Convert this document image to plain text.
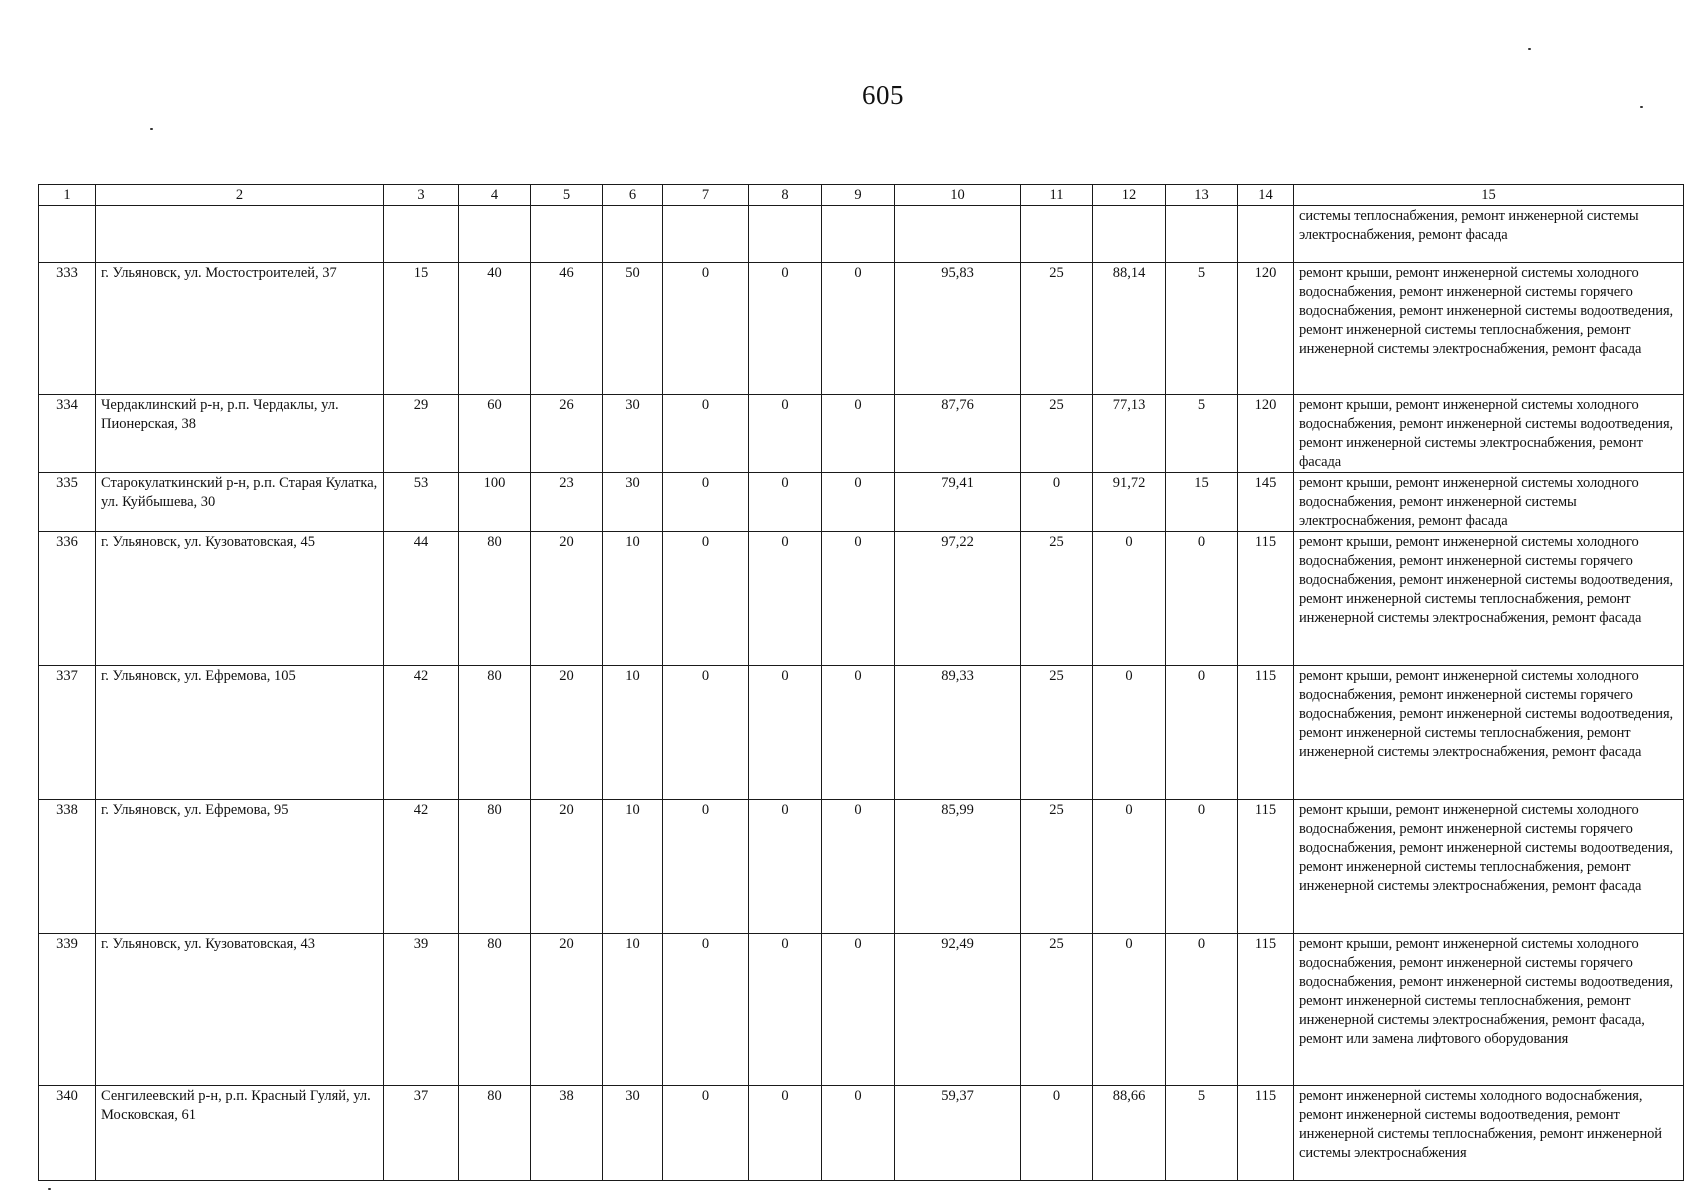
605
1	2	3	4	5	6	7	8	9	10	11	12	13	14	15
														системы теплоснабжения, ремонт инженерной системы электроснабжения, ремонт фасада
333	г. Ульяновск, ул. Мостостроителей, 37	15	40	46	50	0	0	0	95,83	25	88,14	5	120	ремонт крыши, ремонт инженерной системы холодного водоснабжения, ремонт инженерной системы горячего водоснабжения, ремонт инженерной системы водоотведения, ремонт инженерной системы теплоснабжения, ремонт инженерной системы электроснабжения, ремонт фасада
334	Чердаклинский р-н, р.п. Чердаклы, ул. Пионерская, 38	29	60	26	30	0	0	0	87,76	25	77,13	5	120	ремонт крыши, ремонт инженерной системы холодного водоснабжения, ремонт инженерной системы водоотведения, ремонт инженерной системы электроснабжения, ремонт фасада
335	Старокулаткинский р-н, р.п. Старая Кулатка, ул. Куйбышева, 30	53	100	23	30	0	0	0	79,41	0	91,72	15	145	ремонт крыши, ремонт инженерной системы холодного водоснабжения, ремонт инженерной системы электроснабжения, ремонт фасада
336	г. Ульяновск, ул. Кузоватовская, 45	44	80	20	10	0	0	0	97,22	25	0	0	115	ремонт крыши, ремонт инженерной системы холодного водоснабжения, ремонт инженерной системы горячего водоснабжения, ремонт инженерной системы водоотведения, ремонт инженерной системы теплоснабжения, ремонт инженерной системы электроснабжения, ремонт фасада
337	г. Ульяновск, ул. Ефремова, 105	42	80	20	10	0	0	0	89,33	25	0	0	115	ремонт крыши, ремонт инженерной системы холодного водоснабжения, ремонт инженерной системы горячего водоснабжения, ремонт инженерной системы водоотведения, ремонт инженерной системы теплоснабжения, ремонт инженерной системы электроснабжения, ремонт фасада
338	г. Ульяновск, ул. Ефремова, 95	42	80	20	10	0	0	0	85,99	25	0	0	115	ремонт крыши, ремонт инженерной системы холодного водоснабжения, ремонт инженерной системы горячего водоснабжения, ремонт инженерной системы водоотведения, ремонт инженерной системы теплоснабжения, ремонт инженерной системы электроснабжения, ремонт фасада
339	г. Ульяновск, ул. Кузоватовская, 43	39	80	20	10	0	0	0	92,49	25	0	0	115	ремонт крыши, ремонт инженерной системы холодного водоснабжения, ремонт инженерной системы горячего водоснабжения, ремонт инженерной системы водоотведения, ремонт инженерной системы теплоснабжения, ремонт инженерной системы электроснабжения, ремонт фасада, ремонт или замена лифтового оборудования
340	Сенгилеевский р-н, р.п. Красный Гуляй, ул. Московская, 61	37	80	38	30	0	0	0	59,37	0	88,66	5	115	ремонт инженерной системы холодного водоснабжения, ремонт инженерной системы водоотведения, ремонт инженерной системы теплоснабжения, ремонт инженерной системы электроснабжения
